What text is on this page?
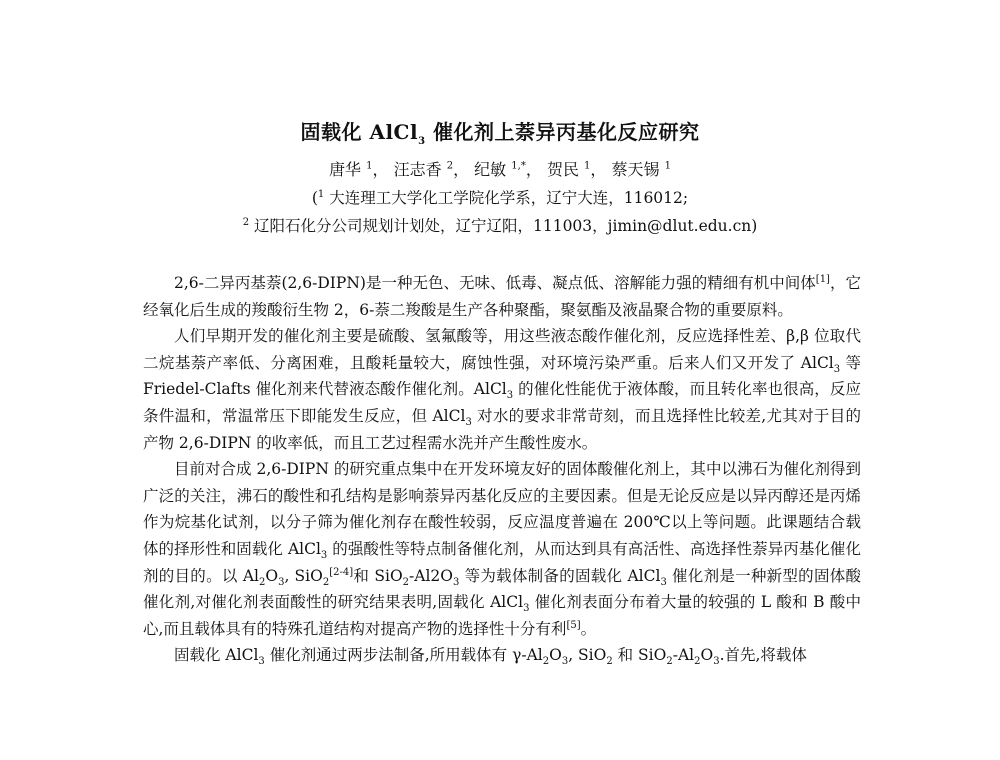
固载化 AlCl$_3$ 催化剂上萘异丙基化反应研究
唐华 $^1$， 汪志香 $^2$， 纪敏 $^{1,*}$， 贺民 $^1$， 蔡天锡 $^1$
($^1$ 大连理工大学化工学院化学系，辽宁大连，116012;
$^2$ 辽阳石化分公司规划计划处，辽宁辽阳，111003，jimin@dlut.edu.cn)

2,6-二异丙基萘(2,6-DIPN)是一种无色、无味、低毒、凝点低、溶解能力强的精细有机中间体[1]，它经氧化后生成的羧酸衍生物 2，6-萘二羧酸是生产各种聚酯，聚氨酯及液晶聚合物的重要原料。

人们早期开发的催化剂主要是硫酸、氢氟酸等，用这些液态酸作催化剂，反应选择性差、β,β 位取代二烷基萘产率低、分离困难，且酸耗量较大，腐蚀性强，对环境污染严重。后来人们又开发了 AlCl$_3$ 等 Friedel-Clafts 催化剂来代替液态酸作催化剂。AlCl$_3$ 的催化性能优于液体酸，而且转化率也很高，反应条件温和，常温常压下即能发生反应，但 AlCl$_3$ 对水的要求非常苛刻，而且选择性比较差,尤其对于目的产物 2,6-DIPN 的收率低，而且工艺过程需水洗并产生酸性废水。

目前对合成 2,6-DIPN 的研究重点集中在开发环境友好的固体酸催化剂上，其中以沸石为催化剂得到广泛的关注，沸石的酸性和孔结构是影响萘异丙基化反应的主要因素。但是无论反应是以异丙醇还是丙烯作为烷基化试剂，以分子筛为催化剂存在酸性较弱，反应温度普遍在 200℃以上等问题。此课题结合载体的择形性和固载化 AlCl$_3$ 的强酸性等特点制备催化剂，从而达到具有高活性、高选择性萘异丙基化催化剂的目的。以 $Al_2O_3$, SiO$_2$[2-4]和 $SiO_2-Al2O_3$ 等为载体制备的固载化 AlCl$_3$ 催化剂是一种新型的固体酸催化剂,对催化剂表面酸性的研究结果表明,固载化 AlCl$_3$ 催化剂表面分布着大量的较强的 L 酸和 B 酸中心,而且载体具有的特殊孔道结构对提高产物的选择性十分有利[5]。

固载化 AlCl$_3$ 催化剂通过两步法制备,所用载体有 $\gamma-Al_2O_3$, SiO$_2$ 和 $SiO_2-Al_2O_3$.首先,将载体
